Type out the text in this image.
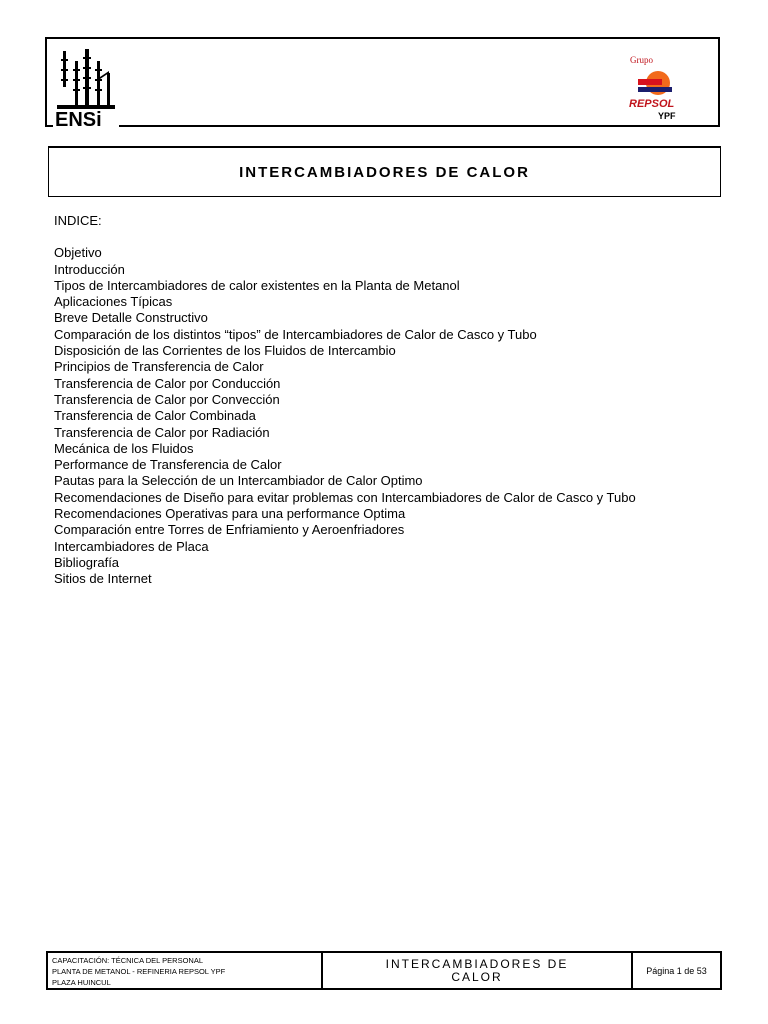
ENSi
Grupo
REPSOL
YPF
INTERCAMBIADORES DE CALOR
INDICE:
Objetivo
Introducción
Tipos de Intercambiadores de calor existentes en la Planta de Metanol
Aplicaciones Típicas
Breve Detalle Constructivo
Comparación de los distintos “tipos” de Intercambiadores de Calor de Casco y Tubo
Disposición de las Corrientes de los Fluidos de Intercambio
Principios de Transferencia de Calor
Transferencia de Calor por Conducción
Transferencia de Calor por Convección
Transferencia de Calor Combinada
Transferencia de Calor por Radiación
Mecánica de los Fluidos
Performance de Transferencia de Calor
Pautas para la Selección de un Intercambiador de Calor Optimo
Recomendaciones de Diseño para evitar problemas con Intercambiadores de Calor de Casco y Tubo
Recomendaciones Operativas para una performance Optima
Comparación entre Torres de Enfriamiento y Aeroenfriadores
Intercambiadores de Placa
Bibliografía
Sitios de Internet
CAPACITACIÓN: TÉCNICA DEL PERSONAL
PLANTA DE METANOL - REFINERIA REPSOL YPF
PLAZA HUINCUL
INTERCAMBIADORES DE
CALOR	Página 1 de 53
